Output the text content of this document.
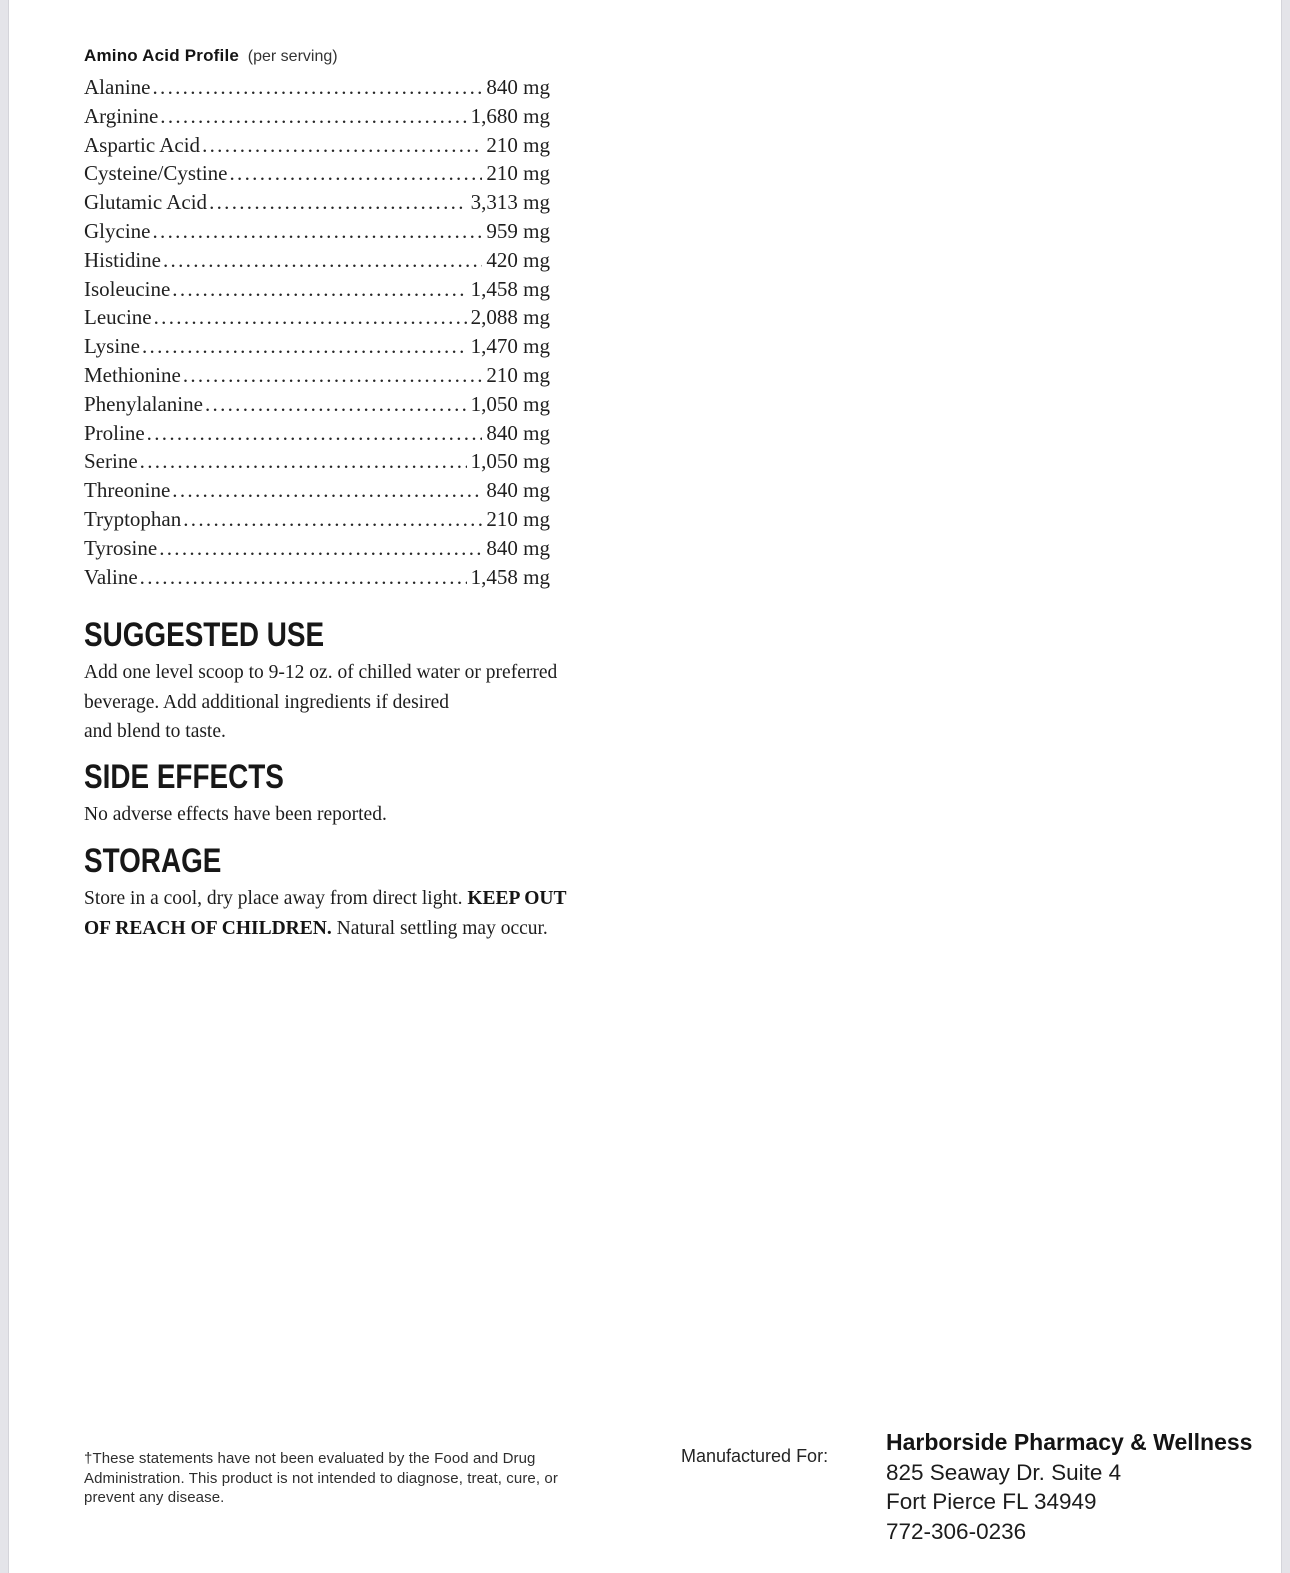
Amino Acid Profile (per serving)
Alanine .....	840 mg
Arginine .....	1,680 mg
Aspartic Acid .....	210 mg
Cysteine/Cystine .....	210 mg
Glutamic Acid .....	3,313 mg
Glycine .....	959 mg
Histidine .....	420 mg
Isoleucine .....	1,458 mg
Leucine .....	2,088 mg
Lysine .....	1,470 mg
Methionine .....	210 mg
Phenylalanine .....	1,050 mg
Proline .....	840 mg
Serine .....	1,050 mg
Threonine .....	840 mg
Tryptophan .....	210 mg
Tyrosine .....	840 mg
Valine .....	1,458 mg
SUGGESTED USE
Add one level scoop to 9-12 oz. of chilled water or preferred
beverage. Add additional ingredients if desired
and blend to taste.
SIDE EFFECTS
No adverse effects have been reported.
STORAGE
Store in a cool, dry place away from direct light. KEEP OUT
OF REACH OF CHILDREN. Natural settling may occur.
†These statements have not been evaluated by the Food and Drug
Administration. This product is not intended to diagnose, treat, cure, or
prevent any disease.
Manufactured For:
Harborside Pharmacy & Wellness
825 Seaway Dr. Suite 4
Fort Pierce FL 34949
772-306-0236
